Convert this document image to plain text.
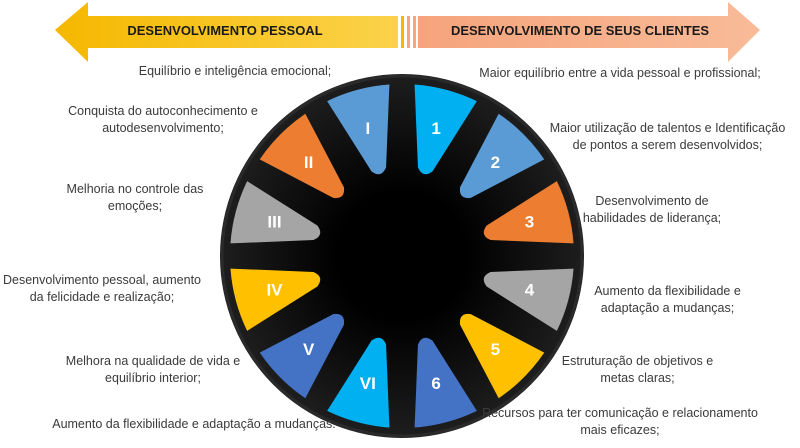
DESENVOLVIMENTO PESSOAL	DESENVOLVIMENTO DE SEUS CLIENTES
1
2
3
4
5
6
VI
V
IV
III
II
I
Equilíbrio e inteligência emocional;
Conquista do autoconhecimento e autodesenvolvimento;
Melhoria no controle das emoções;
Desenvolvimento pessoal, aumento da felicidade e realização;
Melhora na qualidade de vida e equilíbrio interior;
Aumento da flexibilidade e adaptação a mudanças.
Maior equilíbrio entre a vida pessoal e profissional;
Maior utilização de talentos e Identificação de pontos a serem desenvolvidos;
Desenvolvimento de habilidades de liderança;
Aumento da flexibilidade e adaptação a mudanças;
Estruturação de objetivos e metas claras;
Recursos para ter comunicação e relacionamento mais eficazes;
